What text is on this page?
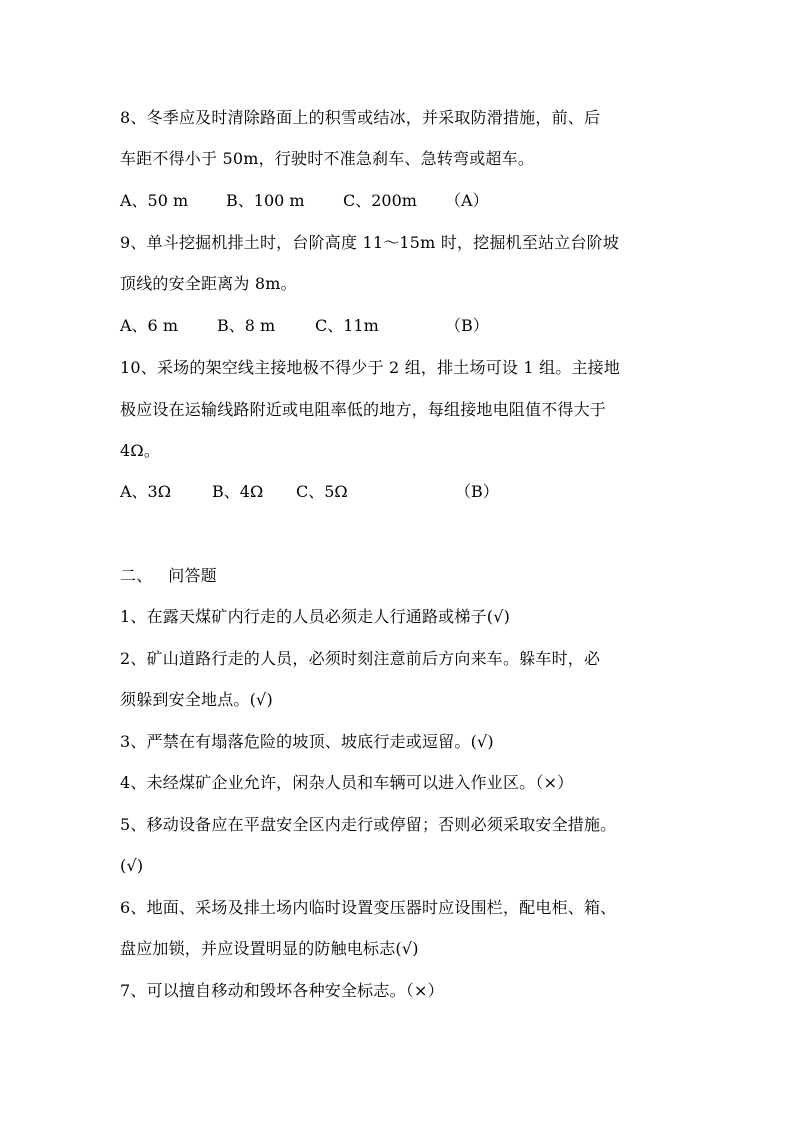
8、冬季应及时清除路面上的积雪或结冰，并采取防滑措施，前、后
车距不得小于 50m，行驶时不准急刹车、急转弯或超车。
A、50 m B、100 m C、200m （A）
9、单斗挖掘机排土时，台阶高度 11～15m 时，挖掘机至站立台阶坡
顶线的安全距离为 8m。
A、6 m B、8 m C、11m	（B）
10、采场的架空线主接地极不得少于 2 组，排土场可设 1 组。主接地
极应设在运输线路附近或电阻率低的地方，每组接地电阻值不得大于
4Ω。
A、3Ω	B、4Ω C、5Ω	（B）
二、   问答题
1、在露天煤矿内行走的人员必须走人行通路或梯子(√)
2、矿山道路行走的人员，必须时刻注意前后方向来车。躲车时，必
须躲到安全地点。(√)
3、严禁在有塌落危险的坡顶、坡底行走或逗留。(√)
4、未经煤矿企业允许，闲杂人员和车辆可以进入作业区。（×）
5、移动设备应在平盘安全区内走行或停留；否则必须采取安全措施。
(√)
6、地面、采场及排土场内临时设置变压器时应设围栏，配电柜、箱、
盘应加锁，并应设置明显的防触电标志(√)
7、可以擅自移动和毁坏各种安全标志。（×）
